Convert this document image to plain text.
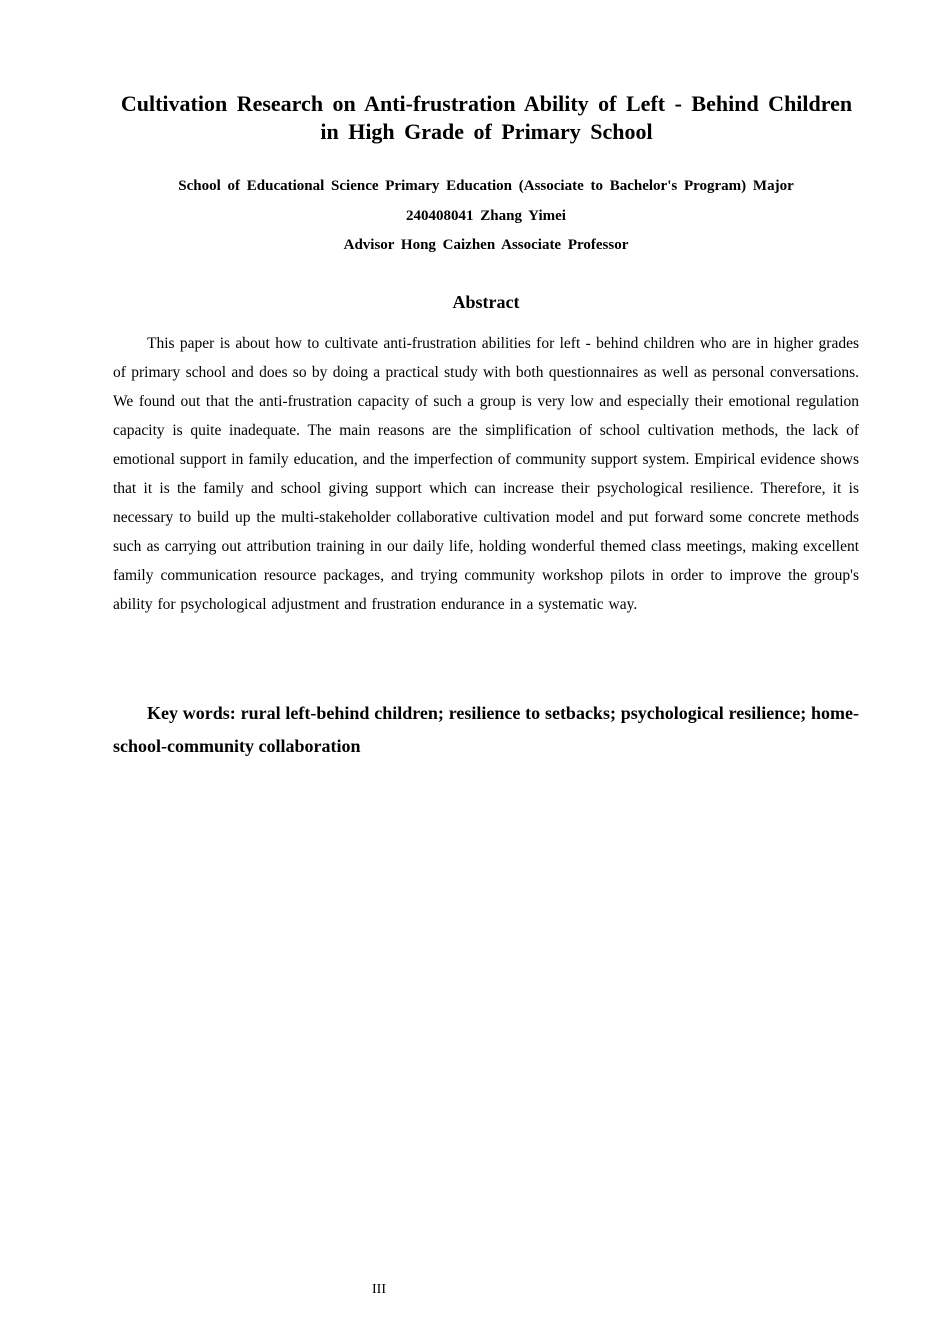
Cultivation Research on Anti-frustration Ability of Left - Behind Children in High Grade of Primary School
School of Educational Science Primary Education (Associate to Bachelor's Program) Major
240408041 Zhang Yimei
Advisor Hong Caizhen Associate Professor
Abstract
This paper is about how to cultivate anti-frustration abilities for left - behind children who are in higher grades of primary school and does so by doing a practical study with both questionnaires as well as personal conversations. We found out that the anti-frustration capacity of such a group is very low and especially their emotional regulation capacity is quite inadequate. The main reasons are the simplification of school cultivation methods, the lack of emotional support in family education, and the imperfection of community support system. Empirical evidence shows that it is the family and school giving support which can increase their psychological resilience. Therefore, it is necessary to build up the multi-stakeholder collaborative cultivation model and put forward some concrete methods such as carrying out attribution training in our daily life, holding wonderful themed class meetings, making excellent family communication resource packages, and trying community workshop pilots in order to improve the group's ability for psychological adjustment and frustration endurance in a systematic way.
Key words: rural left-behind children; resilience to setbacks; psychological resilience; home-school-community collaboration
III
